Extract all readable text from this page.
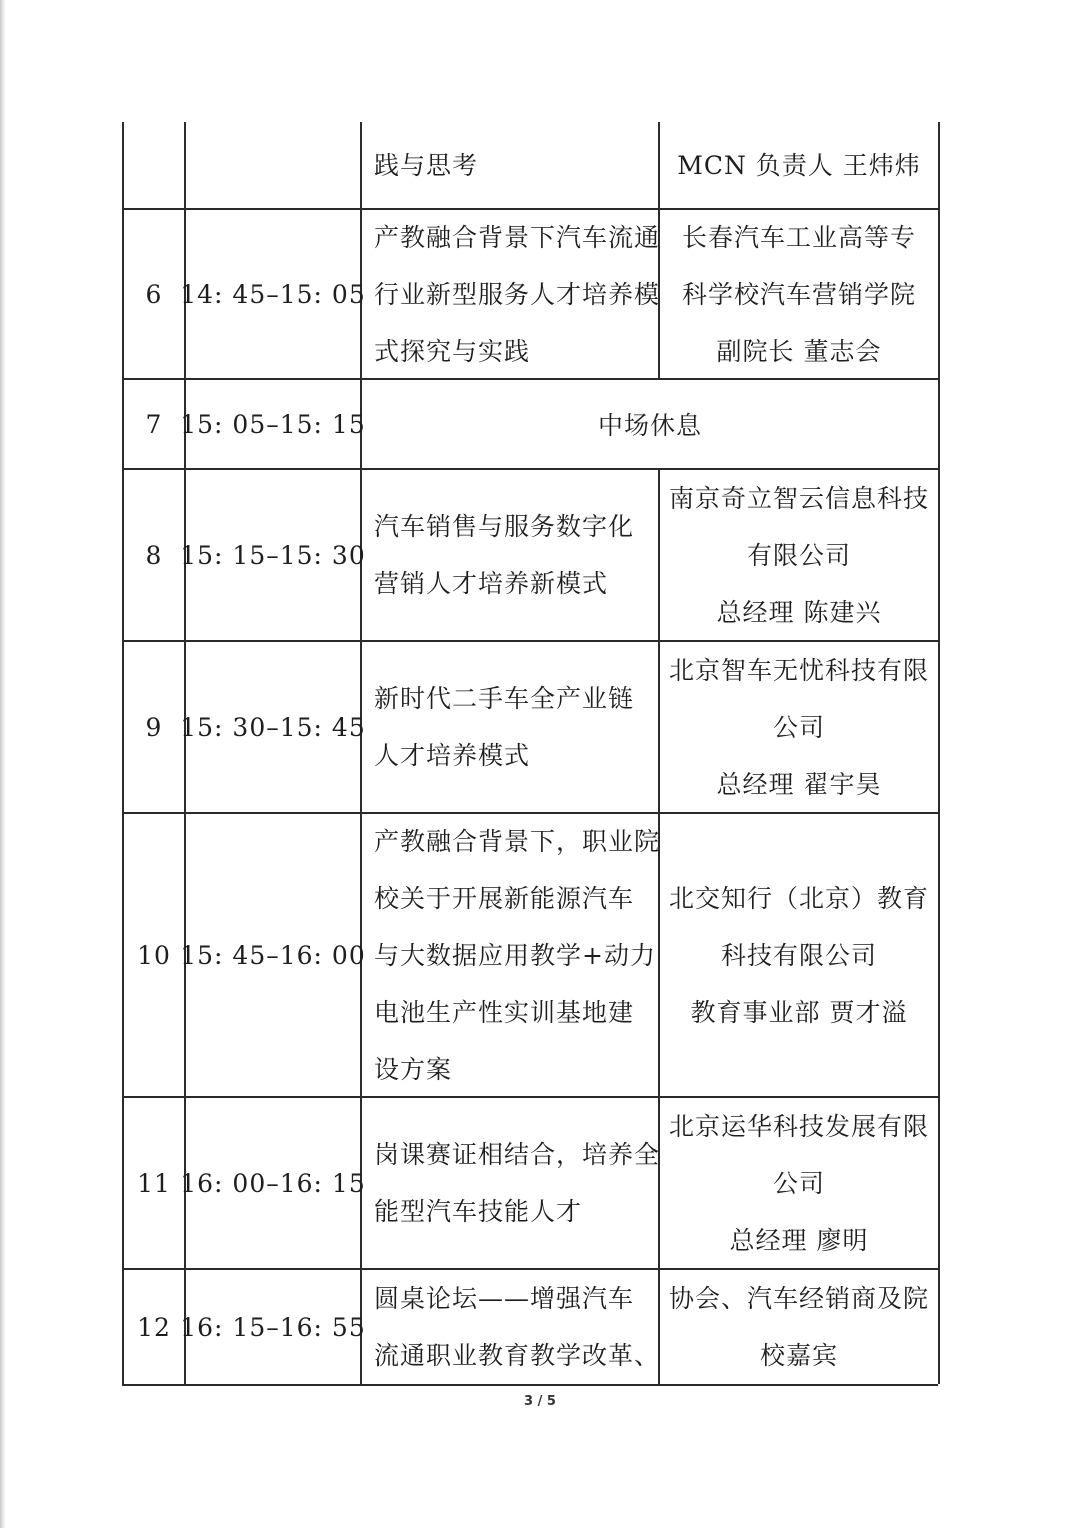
践与思考	MCN 负责人 王炜炜
6 14: 45–15: 05
产教融合背景下汽车流通
行业新型服务人才培养模
式探究与实践
长春汽车工业高等专
科学校汽车营销学院
副院长 董志会
7 15: 05–15: 15	中场休息
8 15: 15–15: 30
汽车销售与服务数字化
营销人才培养新模式
南京奇立智云信息科技
有限公司
总经理 陈建兴
9 15: 30–15: 45
新时代二手车全产业链
人才培养模式
北京智车无忧科技有限
公司
总经理 翟宇昊
10 15: 45–16: 00
产教融合背景下，职业院
校关于开展新能源汽车
与大数据应用教学+动力
电池生产性实训基地建
设方案
北交知行（北京）教育
科技有限公司
教育事业部 贾才溢
11 16: 00–16: 15
岗课赛证相结合，培养全
能型汽车技能人才
北京运华科技发展有限
公司
总经理 廖明
12 16: 15–16: 55
圆桌论坛——增强汽车
流通职业教育教学改革、
协会、汽车经销商及院
校嘉宾
3 / 5
